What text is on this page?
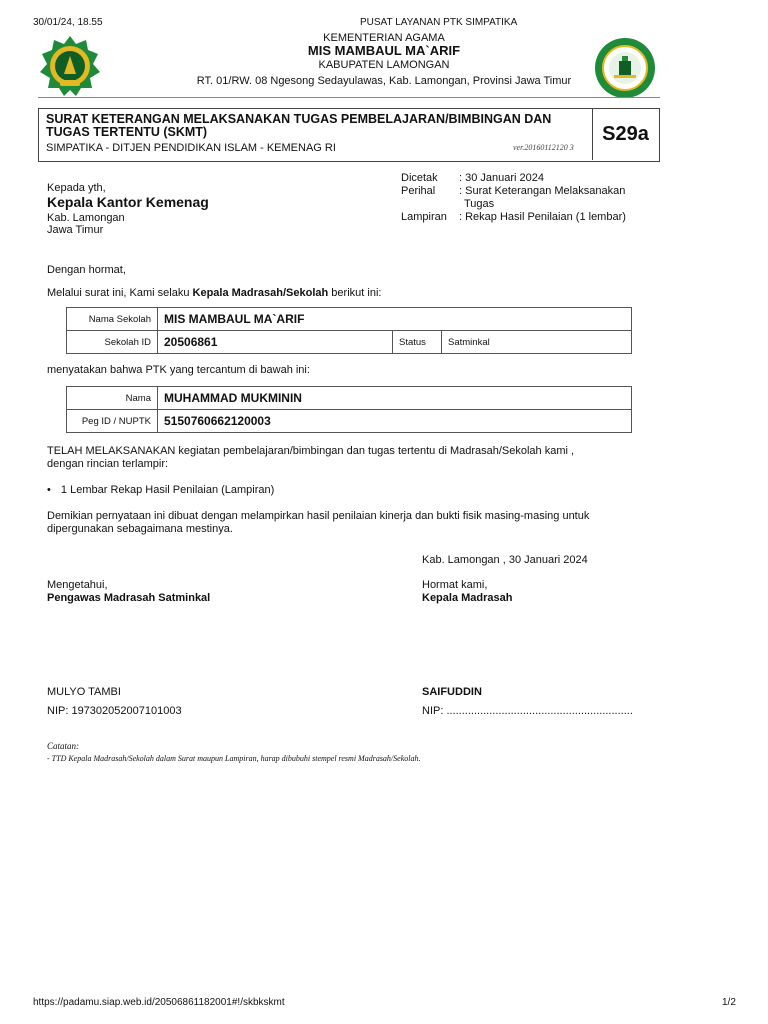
30/01/24, 18.55	PUSAT LAYANAN PTK SIMPATIKA
KEMENTERIAN AGAMA
MIS MAMBAUL MA`ARIF
KABUPATEN LAMONGAN
RT. 01/RW. 08 Ngesong Sedayulawas, Kab. Lamongan, Provinsi Jawa Timur
SURAT KETERANGAN MELAKSANAKAN TUGAS PEMBELAJARAN/BIMBINGAN DAN TUGAS TERTENTU (SKMT)
SIMPATIKA - DITJEN PENDIDIKAN ISLAM - KEMENAG RI	ver.20160112120 3
S29a
Dicetak : 30 Januari 2024
Perihal : Surat Keterangan Melaksanakan
Tugas
Lampiran : Rekap Hasil Penilaian (1 lembar)
Kepada yth,
Kepala Kantor Kemenag
Kab. Lamongan
Jawa Timur
Dengan hormat,
Melalui surat ini, Kami selaku Kepala Madrasah/Sekolah berikut ini:
Nama Sekolah	MIS MAMBAUL MA`ARIF		
Sekolah ID	20506861	Status	Satminkal
menyatakan bahwa PTK yang tercantum di bawah ini:
Nama	MUHAMMAD MUKMININ
Peg ID / NUPTK	5150760662120003
TELAH MELAKSANAKAN kegiatan pembelajaran/bimbingan dan tugas tertentu di Madrasah/Sekolah kami ,
dengan rincian terlampir:
• 1 Lembar Rekap Hasil Penilaian (Lampiran)
Demikian pernyataan ini dibuat dengan melampirkan hasil penilaian kinerja dan bukti fisik masing-masing untuk
dipergunakan sebagaimana mestinya.
Kab. Lamongan , 30 Januari 2024
Mengetahui,
Pengawas Madrasah Satminkal
Hormat kami,
Kepala Madrasah
MULYO TAMBI
NIP: 197302052007101003
SAIFUDDIN
NIP: .............................................................
Catatan:
- TTD Kepala Madrasah/Sekolah dalam Surat maupun Lampiran, harap dibubuhi stempel resmi Madrasah/Sekolah.
https://padamu.siap.web.id/20506861182001#!/skbkskmt	1/2
